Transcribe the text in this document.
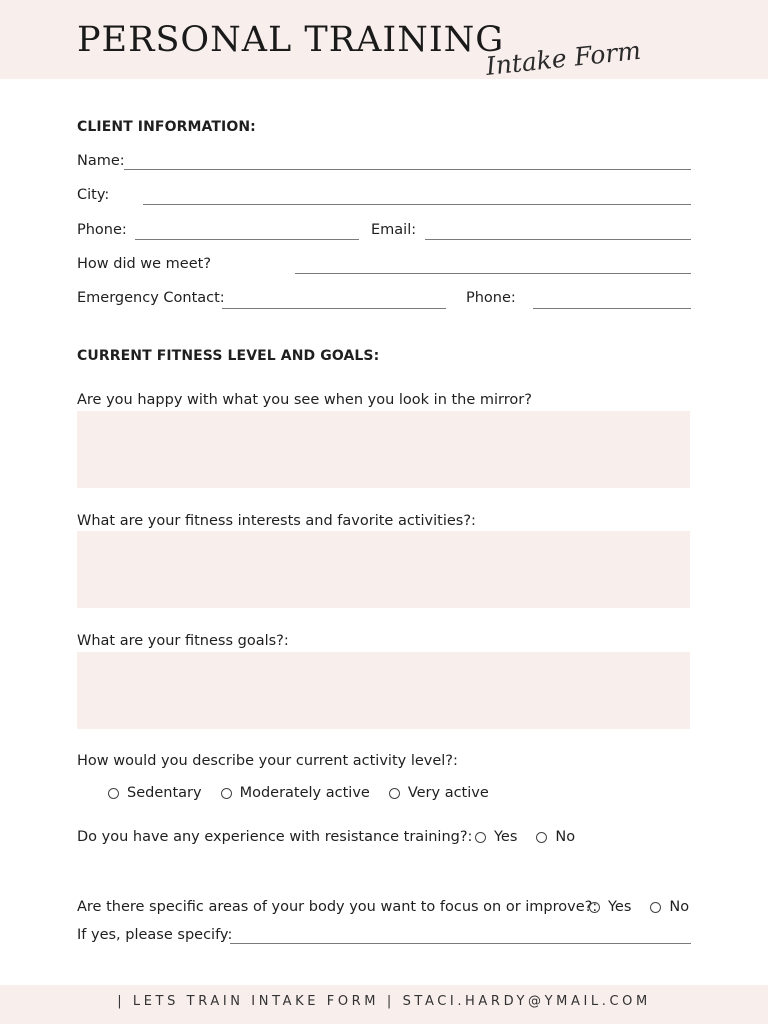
PERSONAL TRAINING
Intake Form
CLIENT INFORMATION:
Name:
City:
Phone:	Email:
How did we meet?
Emergency Contact:	Phone:
CURRENT FITNESS LEVEL AND GOALS:
Are you happy with what you see when you look in the mirror?
What are your fitness interests and favorite activities?:
What are your fitness goals?:
How would you describe your current activity level?:
Sedentary	Moderately active	Very active
Do you have any experience with resistance training?: Yes	No
Are there specific areas of your body you want to focus on or improve?: Yes	No
If yes, please specify:
| LETS TRAIN INTAKE FORM | STACI.HARDY@YMAIL.COM
